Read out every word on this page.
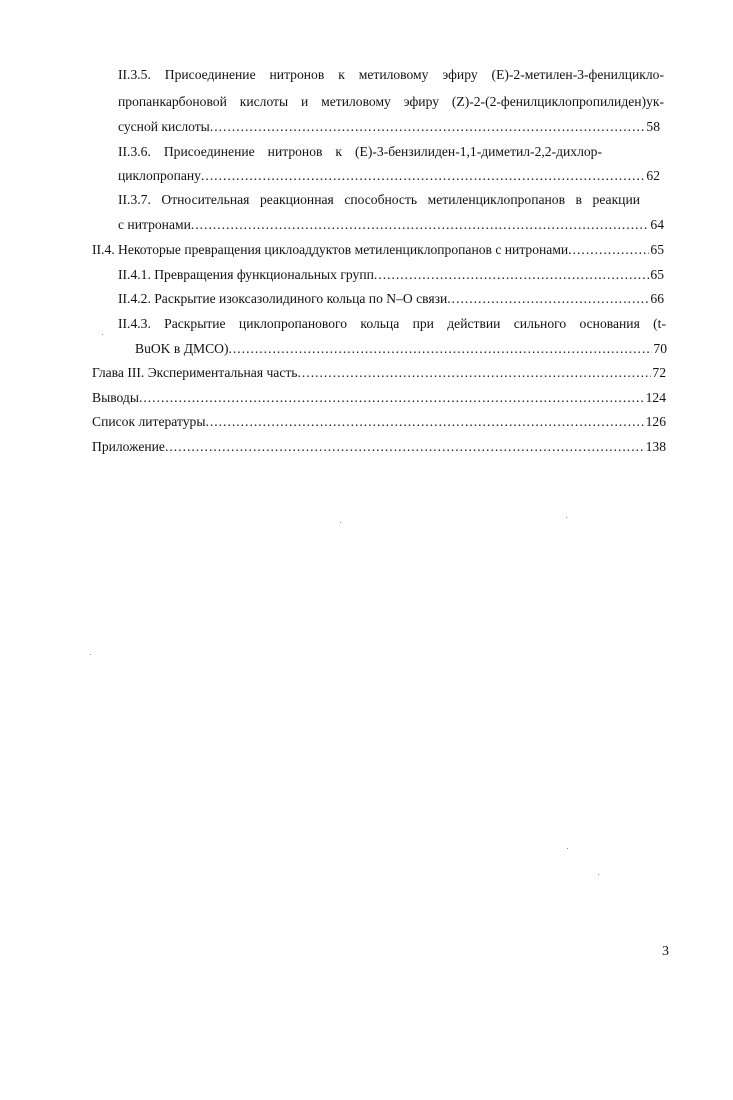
II.3.5. Присоединение нитронов к метиловому эфиру (E)-2-метилен-3-фенилцикло-
пропанкарбоновой кислоты и метиловому эфиру (Z)-2-(2-фенилциклопропилиден)ук-
сусной кислоты .....	58
II.3.6. Присоединение нитронов к (E)-3-бензилиден-1,1-диметил-2,2-дихлор-
циклопропану .....	62
II.3.7. Относительная реакционная способность метиленциклопропанов в реакции
с нитронами .....	64
II.4. Некоторые превращения циклоаддуктов метиленциклопропанов с нитронами .....	65
II.4.1. Превращения функциональных групп .....	65
II.4.2. Раскрытие изоксазолидиного кольца по N–O связи .....	66
II.4.3. Раскрытие циклопропанового кольца при действии сильного основания (t-
BuOK в ДМСО) .....	70
Глава III. Экспериментальная часть .....	72
Выводы .....	124
Список литературы .....	126
Приложение .....	138
3
